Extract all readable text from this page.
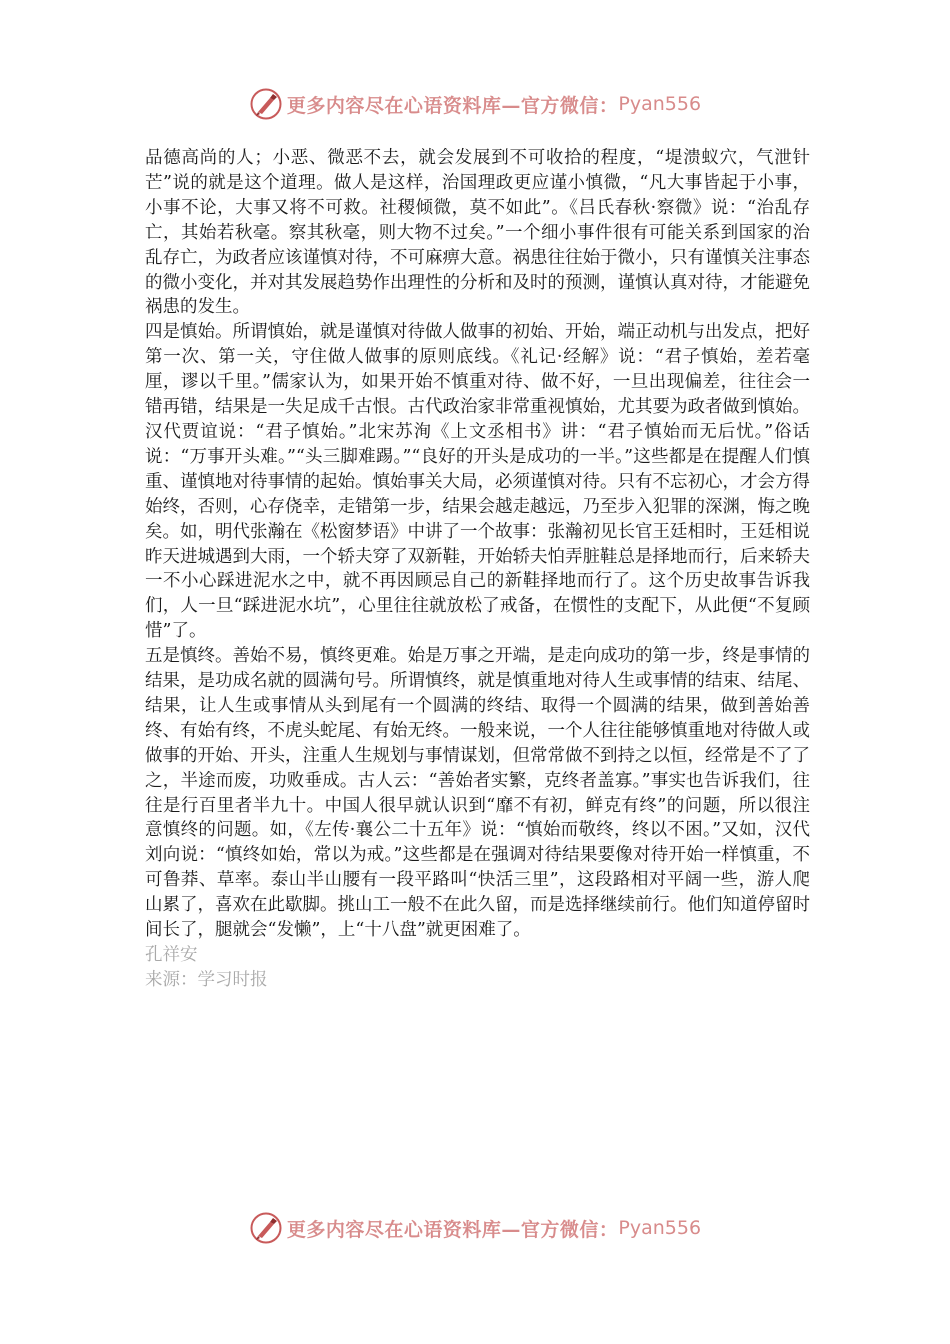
更多内容尽在心语资料库—官方微信： Pyan556

品德高尚的人；小恶、微恶不去，就会发展到不可收拾的程度，“堤溃蚁穴，气泄针芒”说的就是这个道理。做人是这样，治国理政更应谨小慎微，“凡大事皆起于小事，小事不论，大事又将不可救。社稷倾微，莫不如此”。《吕氏春秋·察微》说：“治乱存亡，其始若秋毫。察其秋毫，则大物不过矣。”一个细小事件很有可能关系到国家的治乱存亡，为政者应该谨慎对待，不可麻痹大意。祸患往往始于微小，只有谨慎关注事态的微小变化，并对其发展趋势作出理性的分析和及时的预测，谨慎认真对待，才能避免祸患的发生。

四是慎始。所谓慎始，就是谨慎对待做人做事的初始、开始，端正动机与出发点，把好第一次、第一关，守住做人做事的原则底线。《礼记·经解》说：“君子慎始，差若毫厘，谬以千里。”儒家认为，如果开始不慎重对待、做不好，一旦出现偏差，往往会一错再错，结果是一失足成千古恨。古代政治家非常重视慎始，尤其要为政者做到慎始。汉代贾谊说：“君子慎始。”北宋苏洵《上文丞相书》讲：“君子慎始而无后忧。”俗话说：“万事开头难。”“头三脚难踢。”“良好的开头是成功的一半。”这些都是在提醒人们慎重、谨慎地对待事情的起始。慎始事关大局，必须谨慎对待。只有不忘初心，才会方得始终，否则，心存侥幸，走错第一步，结果会越走越远，乃至步入犯罪的深渊，悔之晚矣。如，明代张瀚在《松窗梦语》中讲了一个故事：张瀚初见长官王廷相时，王廷相说昨天进城遇到大雨，一个轿夫穿了双新鞋，开始轿夫怕弄脏鞋总是择地而行，后来轿夫一不小心踩进泥水之中，就不再因顾忌自己的新鞋择地而行了。这个历史故事告诉我们，人一旦“踩进泥水坑”，心里往往就放松了戒备，在惯性的支配下，从此便“不复顾惜”了。

五是慎终。善始不易，慎终更难。始是万事之开端，是走向成功的第一步，终是事情的结果，是功成名就的圆满句号。所谓慎终，就是慎重地对待人生或事情的结束、结尾、结果，让人生或事情从头到尾有一个圆满的终结、取得一个圆满的结果，做到善始善终、有始有终，不虎头蛇尾、有始无终。一般来说，一个人往往能够慎重地对待做人或做事的开始、开头，注重人生规划与事情谋划，但常常做不到持之以恒，经常是不了了之，半途而废，功败垂成。古人云：“善始者实繁，克终者盖寡。”事实也告诉我们，往往是行百里者半九十。中国人很早就认识到“靡不有初，鲜克有终”的问题，所以很注意慎终的问题。如，《左传·襄公二十五年》说：“慎始而敬终，终以不困。”又如，汉代刘向说：“慎终如始，常以为戒。”这些都是在强调对待结果要像对待开始一样慎重，不可鲁莽、草率。泰山半山腰有一段平路叫“快活三里”，这段路相对平阔一些，游人爬山累了，喜欢在此歇脚。挑山工一般不在此久留，而是选择继续前行。他们知道停留时间长了，腿就会“发懒”，上“十八盘”就更困难了。

孔祥安

来源：学习时报

更多内容尽在心语资料库—官方微信： Pyan556
